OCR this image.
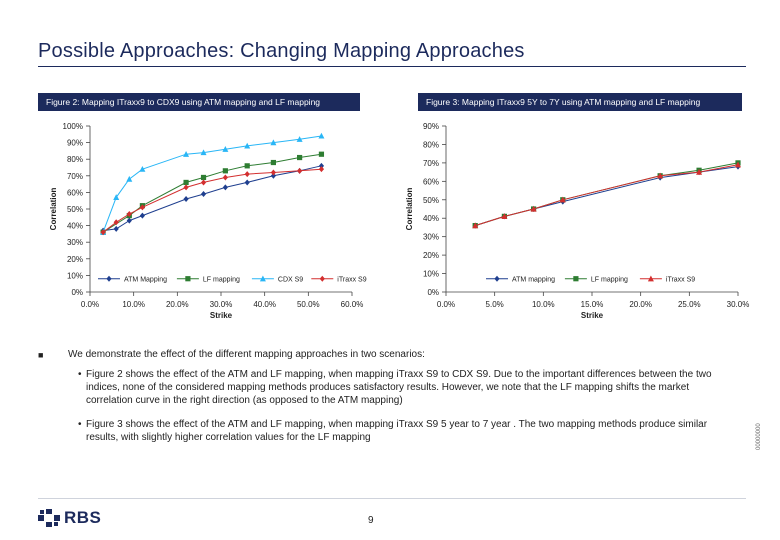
Possible Approaches: Changing Mapping Approaches
Figure 2: Mapping ITraxx9 to CDX9 using ATM mapping and LF mapping	Figure 3: Mapping ITraxx9 5Y to 7Y using ATM mapping and LF mapping
0%
10%
20%
30%
40%
50%
60%
70%
80%
90%
100%
0.0%	10.0%	20.0%	30.0%	40.0%	50.0%	60.0%
Strike
Correlation
ATM Mapping	LF mapping	CDX S9	iTraxx S9
0%
10%
20%
30%
40%
50%
60%
70%
80%
90%
0.0%	5.0%	10.0%	15.0%	20.0%	25.0%	30.0%
Strike
Correlation
ATM mapping	LF mapping	iTraxx S9
■ We demonstrate the effect of the different mapping approaches in two scenarios:
• Figure 2 shows the effect of the ATM and LF mapping, when mapping iTraxx S9 to CDX S9. Due to the important differences between the two indices, none of the considered mapping methods produces satisfactory results. However, we note that the LF mapping shifts the market correlation curve in the right direction (as opposed to the ATM mapping)
• Figure 3 shows the effect of the ATM and LF mapping, when mapping iTraxx S9 5 year to 7 year . The two mapping methods produce similar results, with slightly higher correlation values for the LF mapping	00000000
RBS	9
